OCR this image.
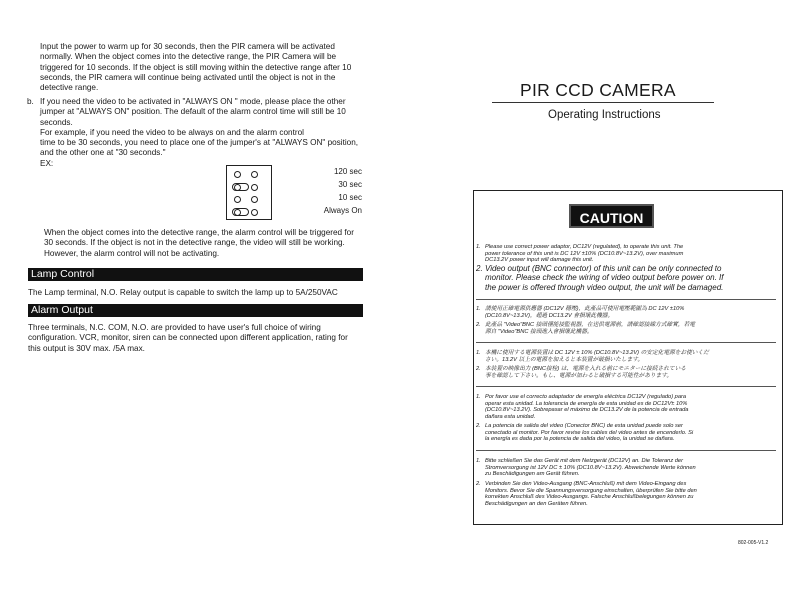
Input the power to warm up for 30 seconds, then the PIR camera will be activated
normally. When the object comes into the detective range, the PIR Camera will be
triggered for 10 seconds. If the object is still moving within the detective range after 10
seconds, the PIR camera will continue being activated until the object is not in the
detective range.
b. If you need the video to be activated in "ALWAYS ON " mode, please place the other
jumper at "ALWAYS ON" position. The default of the alarm control time will still be 10
seconds.
For example, if you need the video to be always on and the alarm control
time to be 30 seconds, you need to place one of the jumper's at "ALWAYS ON" position,
and the other one at "30 seconds."
EX:
120 sec
30 sec
10 sec
Always On
When the object comes into the detective range, the alarm control will be triggered for
30 seconds. If the object is not in the detective range, the video will still be working.
However, the alarm control will not be activating.
Lamp Control
The Lamp terminal, N.O. Relay output is capable to switch the lamp up to 5A/250VAC
Alarm Output
Three terminals, N.C. COM, N.O. are provided to have user's full choice of wiring
configuration. VCR, monitor, siren can be connected upon different application, rating for
this output is 30V max. /5A max.
PIR CCD CAMERA
Operating Instructions
CAUTION
1. Please use correct power adaptor, DC12V (regulated), to operate this unit. The
power tolerance of this unit is DC 12V ±10% (DC10.8V~13.2V), over maximum
DC13.2V power input will damage this unit.
2. Video output (BNC connector) of this unit can be only connected to
monitor. Please check the wiring of video output before power on. If
the power is offered through video output, the unit will be damaged.
1. 請使用正確電源供應器 (DC12V 穩壓)，此產品可使用電壓範圍為 DC 12V ±10%
(DC10.8V~13.2V)，超過 DC13.2V 會損壞此機器。
2. 此產品 "Video"BNC 接頭僅能接監視器，在送供電源前，請確認接線方式確實，若電
源自 "Video"BNC 接頭進入會損壞此機器。
1. 本機に使用する電源装置は DC 12V ± 10% (DC10.8V~13.2V) の安定化電源をお使いくだ
さい。13.2V 以上の電源を加えると本装置が破損いたします。
2. 本装置の映像出力 (BNC接栓) は、電源を入れる前にモニターに接続されている
事を確認して下さい。もし、電源が加わると破損する可能性があります。
1. Por favor use el correcto adaptador de energía eléctrica DC12V (regulado) para
operar esta unidad. La tolerancia de energía de esta unidad es de DC12V± 10%
(DC10.8V~13.2V). Sobrepasar el máximo de DC13.2V de la potencia de entrada
dañara esta unidad.
2. La potencia de salida del video (Conector BNC) de esta unidad puede solo ser
conectado al monitor. Por favor revise los cables del video antes de encenderlo. Si
la energía es dada por la potencia de salida del video, la unidad se dañara.
1. Bitte schließen Sie das Gerät mit dem Netzgerät (DC12V) an. Die Toleranz der
Stromversorgung ist 12V DC ± 10% (DC10.8V~13.2V). Abweichende Werte können
zu Beschädigungen am Gerät führen.
2. Verbinden Sie den Video-Ausgang (BNC-Anschluß) mit dem Video-Eingang des
Monitors. Bevor Sie die Spannungsversorgung einschalten, überprüfen Sie bitte den
korrekten Anschluß des Video-Ausgangs. Falsche Anschlußbelegungen können zu
Beschädigungen an den Geräten führen.
802-005-V1.2
